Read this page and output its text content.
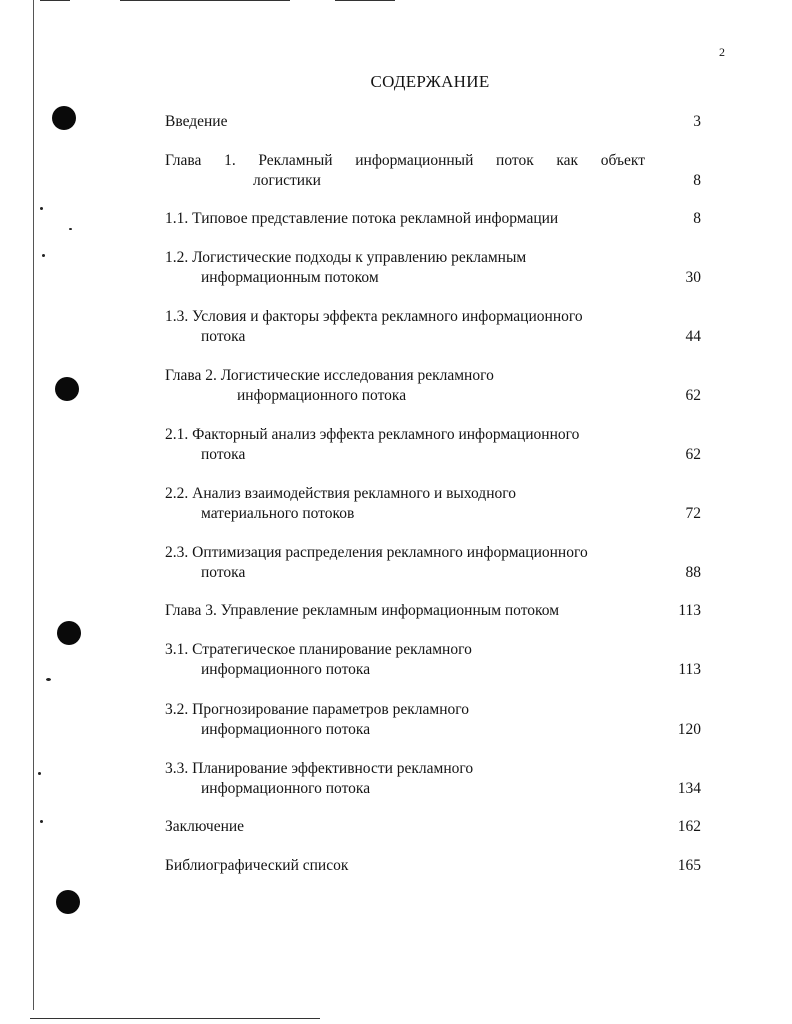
2
СОДЕРЖАНИЕ
Введение	3
Глава 1. Рекламный информационный поток как объект
логистики	8
1.1. Типовое представление потока рекламной информации	8
1.2. Логистические подходы к управлению рекламным
информационным потоком	30
1.3. Условия и факторы эффекта рекламного информационного
потока	44
Глава 2. Логистические исследования рекламного
информационного потока	62
2.1. Факторный анализ эффекта рекламного информационного
потока	62
2.2. Анализ взаимодействия рекламного и выходного
материального потоков	72
2.3. Оптимизация распределения рекламного информационного
потока	88
Глава 3. Управление рекламным информационным потоком	113
3.1. Стратегическое планирование рекламного
информационного потока	113
3.2. Прогнозирование параметров рекламного
информационного потока	120
3.3. Планирование эффективности рекламного
информационного потока	134
Заключение	162
Библиографический список	165
